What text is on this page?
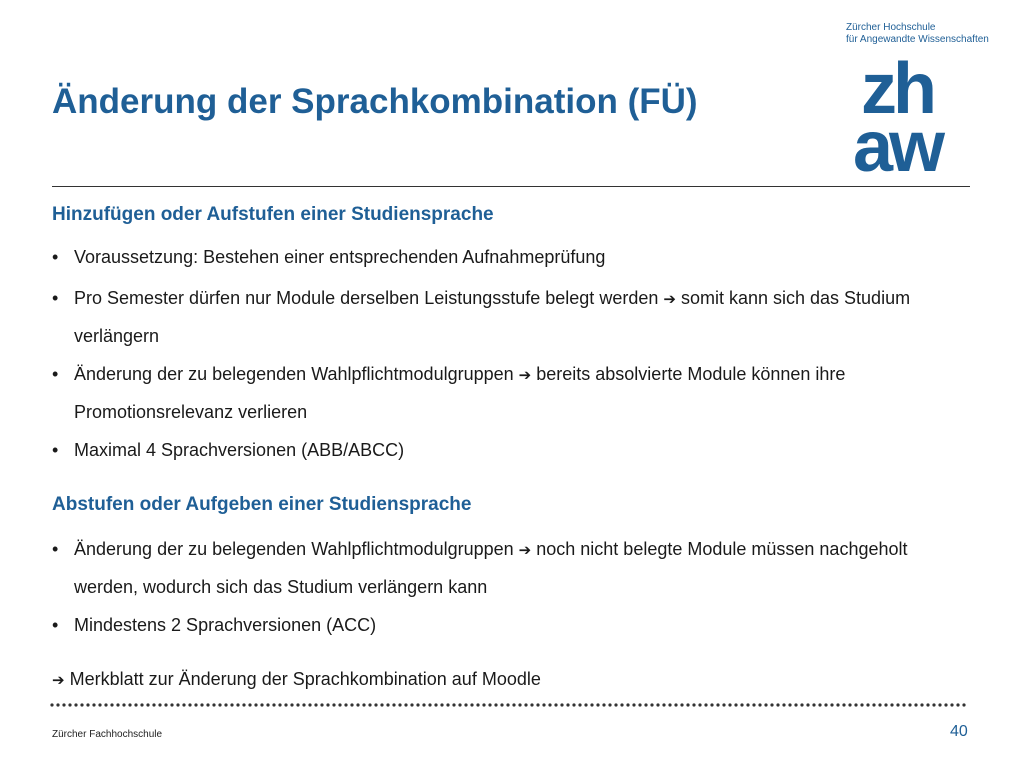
Änderung der Sprachkombination (FÜ)
Zürcher Hochschule
für Angewandte Wissenschaften
zh
aw
Hinzufügen oder Aufstufen einer Studiensprache
• Voraussetzung: Bestehen einer entsprechenden Aufnahmeprüfung
• Pro Semester dürfen nur Module derselben Leistungsstufe belegt werden ➔ somit kann sich das Studium verlängern
• Änderung der zu belegenden Wahlpflichtmodulgruppen ➔ bereits absolvierte Module können ihre Promotionsrelevanz verlieren
• Maximal 4 Sprachversionen (ABB/ABCC)
Abstufen oder Aufgeben einer Studiensprache
• Änderung der zu belegenden Wahlpflichtmodulgruppen ➔ noch nicht belegte Module müssen nachgeholt werden, wodurch sich das Studium verlängern kann
• Mindestens 2 Sprachversionen (ACC)
➔ Merkblatt zur Änderung der Sprachkombination auf Moodle
Zürcher Fachhochschule	40
